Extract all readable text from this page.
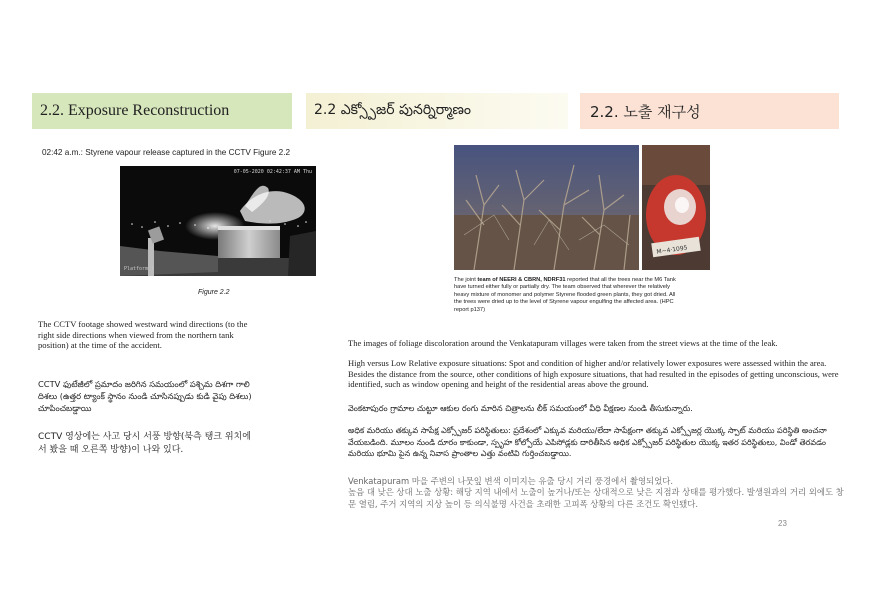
2.2. Exposure Reconstruction	2.2 ఎక్స్పోజర్ పునర్నిర్మాణం	2.2. 노출 재구성
02:42 a.m.: Styrene vapour release captured in the CCTV Figure 2.2
07-05-2020 02:42:37 AM Thu
Platform 1
Figure 2.2
The CCTV footage showed westward wind directions (to the right side directions when viewed from the northern tank position) at the time of the accident.
CCTV ఫుటేజీలో ప్రమాదం జరిగిన సమయంలో పశ్చిమ దిశగా గాలి దిశలు (ఉత్తర ట్యాంక్ స్థానం నుండి చూసినప్పుడు కుడి వైపు దిశలు) చూపించబడ్డాయి
CCTV 영상에는 사고 당시 서풍 방향(북측 탱크 위치에서 봤을 때 오른쪽 방향)이 나와 있다.
M~4·1095
The joint team of NEERI & CBRN, NDRF31 reported that all the trees near the M6 Tank have turned either fully or partially dry. The team observed that wherever the relatively heavy mixture of monomer and polymer Styrene flooded green plants, they got dried. All the trees were dried up to the level of Styrene vapour engulfing the affected area. (HPC report p137)
The images of foliage discoloration around the Venkatapuram villages were taken from the street views at the time of the leak.
High versus Low Relative exposure situations: Spot and condition of higher and/or relatively lower exposures were assessed within the area. Besides the distance from the source, other conditions of high exposure situations, that had resulted in the episodes of getting unconscious, were identified, such as window opening and height of the residential areas above the ground.
వెంకటాపురం గ్రామాల చుట్టూ ఆకుల రంగు మారిన చిత్రాలను లీక్ సమయంలో వీధి వీక్షణల నుండి తీసుకున్నారు.
అధిక మరియు తక్కువ సాపేక్ష ఎక్స్పోజర్ పరిస్థితులు: ప్రదేశంలో ఎక్కువ మరియు/లేదా సాపేక్షంగా తక్కువ ఎక్స్పోజర్ల యొక్క స్పాట్ మరియు పరిస్థితి అంచనా వేయబడింది. మూలం నుండి దూరం కాకుండా, స్పృహ కోల్పోయే ఎపిసోడ్లకు దారితీసిన అధిక ఎక్స్పోజర్ పరిస్థితుల యొక్క ఇతర పరిస్థితులు, విండో తెరవడం మరియు భూమి పైన ఉన్న నివాస ప్రాంతాల ఎత్తు వంటివి గుర్తించబడ్డాయి.
Venkatapuram 마을 주변의 나뭇잎 변색 이미지는 유출 당시 거리 풍경에서 촬영되었다.
높음 대 낮은 상대 노출 상황: 해당 지역 내에서 노출이 높거나/또는 상대적으로 낮은 지점과 상태를 평가했다. 발생원과의 거리 외에도 창문 열림, 주거 지역의 지상 높이 등 의식불명 사건을 초래한 고피폭 상황의 다른 조건도 확인됐다.
23
